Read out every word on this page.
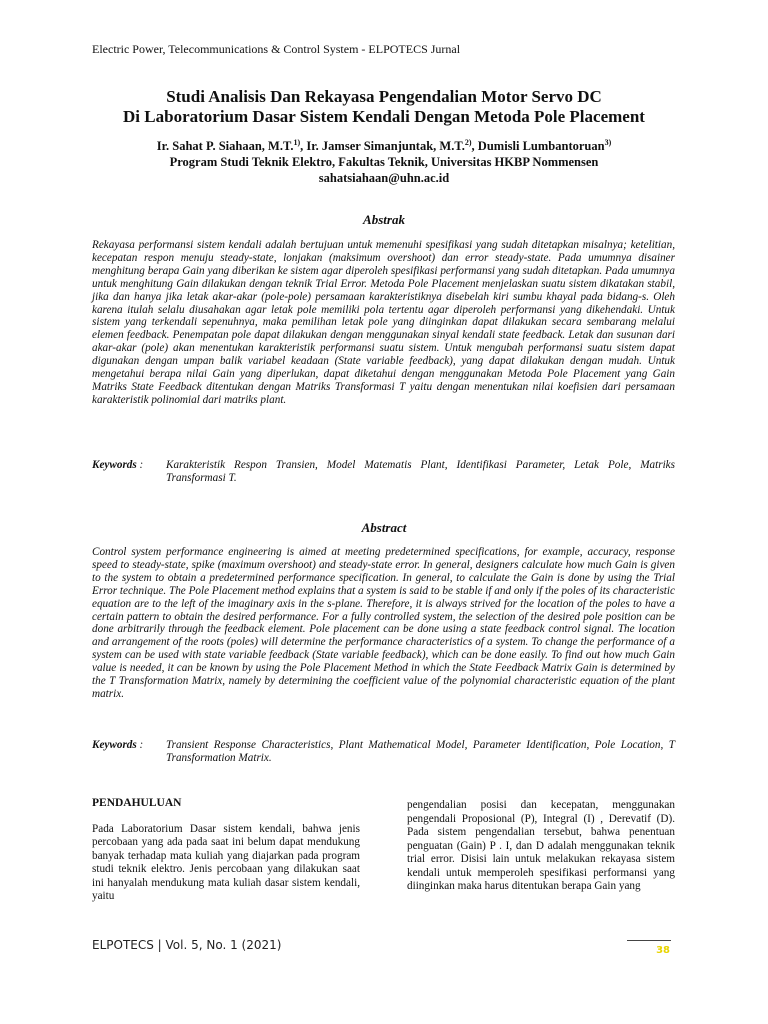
Electric Power, Telecommunications & Control System - ELPOTECS Jurnal
Studi Analisis Dan Rekayasa Pengendalian Motor Servo DC
Di Laboratorium Dasar Sistem Kendali Dengan Metoda Pole Placement
Ir. Sahat P. Siahaan, M.T.$^{1)}$, Ir. Jamser Simanjuntak, M.T.$^{2)}$, Dumisli Lumbantoruan$^{3)}$
Program Studi Teknik Elektro, Fakultas Teknik, Universitas HKBP Nommensen
sahatsiahaan@uhn.ac.id
Abstrak
Rekayasa performansi sistem kendali adalah bertujuan untuk memenuhi spesifikasi yang sudah ditetapkan misalnya; ketelitian, kecepatan respon menuju steady-state, lonjakan (maksimum overshoot) dan error steady-state. Pada umumnya disainer menghitung berapa Gain yang diberikan ke sistem agar diperoleh spesifikasi performansi yang sudah ditetapkan. Pada umumnya untuk menghitung Gain dilakukan dengan teknik Trial Error. Metoda Pole Placement menjelaskan suatu sistem dikatakan stabil, jika dan hanya jika letak akar-akar (pole-pole) persamaan karakteristiknya disebelah kiri sumbu khayal pada bidang-s. Oleh karena itulah selalu diusahakan agar letak pole memiliki pola tertentu agar diperoleh performansi yang dikehendaki. Untuk sistem yang terkendali sepenuhnya, maka pemilihan letak pole yang diinginkan dapat dilakukan secara sembarang melalui elemen feedback. Penempatan pole dapat dilakukan dengan menggunakan sinyal kendali state feedback. Letak dan susunan dari akar-akar (pole) akan menentukan karakteristik performansi suatu sistem. Untuk mengubah performansi suatu sistem dapat digunakan dengan umpan balik variabel keadaan (State variable feedback), yang dapat dilakukan dengan mudah. Untuk mengetahui berapa nilai Gain yang diperlukan, dapat diketahui dengan menggunakan Metoda Pole Placement yang Gain Matriks State Feedback ditentukan dengan Matriks Transformasi T yaitu dengan menentukan nilai koefisien dari persamaan karakteristik polinomial dari matriks plant.
Keywords :	Karakteristik Respon Transien, Model Matematis Plant, Identifikasi Parameter, Letak Pole, Matriks Transformasi T.
Abstract
Control system performance engineering is aimed at meeting predetermined specifications, for example, accuracy, response speed to steady-state, spike (maximum overshoot) and steady-state error. In general, designers calculate how much Gain is given to the system to obtain a predetermined performance specification. In general, to calculate the Gain is done by using the Trial Error technique. The Pole Placement method explains that a system is said to be stable if and only if the poles of its characteristic equation are to the left of the imaginary axis in the s-plane. Therefore, it is always strived for the location of the poles to have a certain pattern to obtain the desired performance. For a fully controlled system, the selection of the desired pole position can be done arbitrarily through the feedback element. Pole placement can be done using a state feedback control signal. The location and arrangement of the roots (poles) will determine the performance characteristics of a system. To change the performance of a system can be used with state variable feedback (State variable feedback), which can be done easily. To find out how much Gain value is needed, it can be known by using the Pole Placement Method in which the State Feedback Matrix Gain is determined by the T Transformation Matrix, namely by determining the coefficient value of the polynomial characteristic equation of the plant matrix.
Keywords :	Transient Response Characteristics, Plant Mathematical Model, Parameter Identification, Pole Location, T Transformation Matrix.
PENDAHULUAN
Pada Laboratorium Dasar sistem kendali, bahwa jenis percobaan yang ada pada saat ini belum dapat mendukung banyak terhadap mata kuliah yang diajarkan pada program studi teknik elektro. Jenis percobaan yang dilakukan saat ini hanyalah mendukung mata kuliah dasar sistem kendali, yaitu
pengendalian posisi dan kecepatan, menggunakan pengendali Proposional (P), Integral (I) , Derevatif (D). Pada sistem pengendalian tersebut, bahwa penentuan penguatan (Gain) P . I, dan D adalah menggunakan teknik trial error. Disisi lain untuk melakukan rekayasa sistem kendali untuk memperoleh spesifikasi performansi yang diinginkan maka harus ditentukan berapa Gain yang
ELPOTECS | Vol. 5, No. 1 (2021)	38
